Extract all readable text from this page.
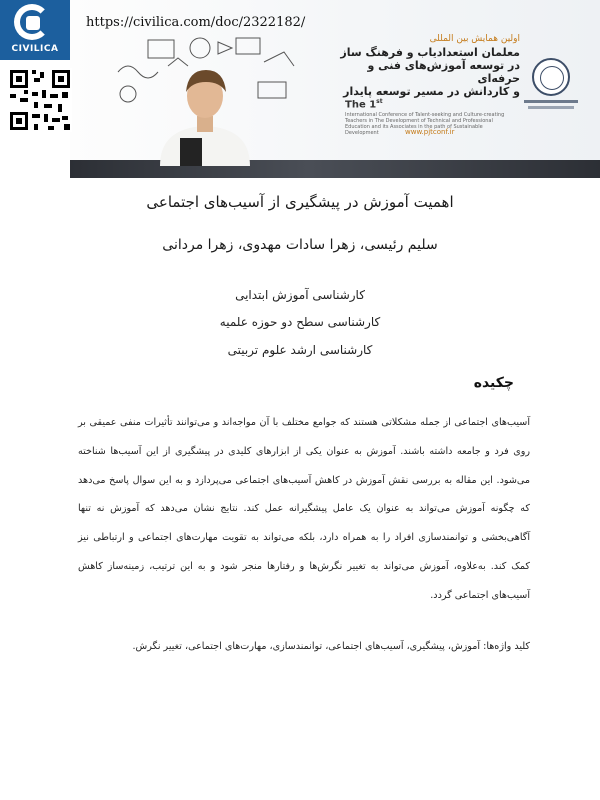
CIVILICA
https://civilica.com/doc/2322182/
اولین همایش بین المللی
معلمان استعدادیاب و فرهنگ ساز
در توسعه آموزش‌های فنی و حرفه‌ای
و کاردانش در مسیر توسعه پایدار
The 1st
International Conference of Talent-seeking and Culture-creating Teachers in The Development of Technical and Professional Education and its Associates in the path of Sustainable Development	www.pjtconf.ir
اهمیت آموزش در پیشگیری از آسیب‌های اجتماعی
سلیم رئیسی، زهرا سادات مهدوی، زهرا مردانی
کارشناسی آموزش ابتدایی
کارشناسی سطح دو حوزه علمیه
کارشناسی ارشد علوم تربیتی
چکیده
آسیب‌های اجتماعی از جمله مشکلاتی هستند که جوامع مختلف با آن مواجه‌اند و می‌توانند تأثیرات منفی عمیقی بر روی فرد و جامعه داشته باشند. آموزش به عنوان یکی از ابزارهای کلیدی در پیشگیری از این آسیب‌ها شناخته می‌شود. این مقاله به بررسی نقش آموزش در کاهش آسیب‌های اجتماعی می‌پردازد و به این سوال پاسخ می‌دهد که چگونه آموزش می‌تواند به عنوان یک عامل پیشگیرانه عمل کند. نتایج نشان می‌دهد که آموزش نه تنها آگاهی‌بخشی و توانمندسازی افراد را به همراه دارد، بلکه می‌تواند به تقویت مهارت‌های اجتماعی و ارتباطی نیز کمک کند. به‌علاوه، آموزش می‌تواند به تغییر نگرش‌ها و رفتارها منجر شود و به این ترتیب، زمینه‌ساز کاهش آسیب‌های اجتماعی گردد.
کلید واژه‌ها: آموزش، پیشگیری، آسیب‌های اجتماعی، توانمندسازی، مهارت‌های اجتماعی، تغییر نگرش.
